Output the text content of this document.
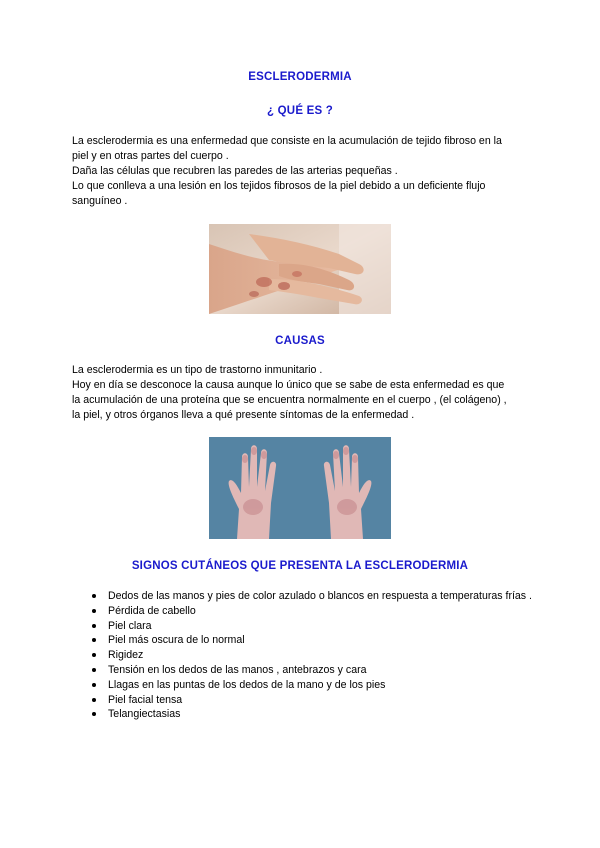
ESCLERODERMIA
¿ QUÉ ES ?
La esclerodermia es una enfermedad que consiste en la acumulación de tejido fibroso en la
piel y en otras partes del cuerpo .
Daña las células que recubren las paredes de las arterias pequeñas .
Lo que conlleva a una lesión en los tejidos fibrosos de la piel debido a un deficiente flujo
sanguíneo .
CAUSAS
La esclerodermia es un tipo de trastorno inmunitario .
Hoy en día se desconoce la causa aunque lo único que se sabe de esta enfermedad es que
la acumulación de una proteína que se encuentra normalmente en el cuerpo , (el colágeno) ,
la piel, y otros órganos lleva a qué presente síntomas de la enfermedad .
SIGNOS CUTÁNEOS QUE PRESENTA LA ESCLERODERMIA
Dedos de las manos y pies de color azulado o blancos en respuesta a temperaturas frías .
Pérdida de cabello
Piel clara
Piel más oscura de lo normal
Rigidez
Tensión en los dedos de las manos , antebrazos y cara
Llagas en las puntas de los dedos de la mano y de los pies
Piel facial tensa
Telangiectasias
